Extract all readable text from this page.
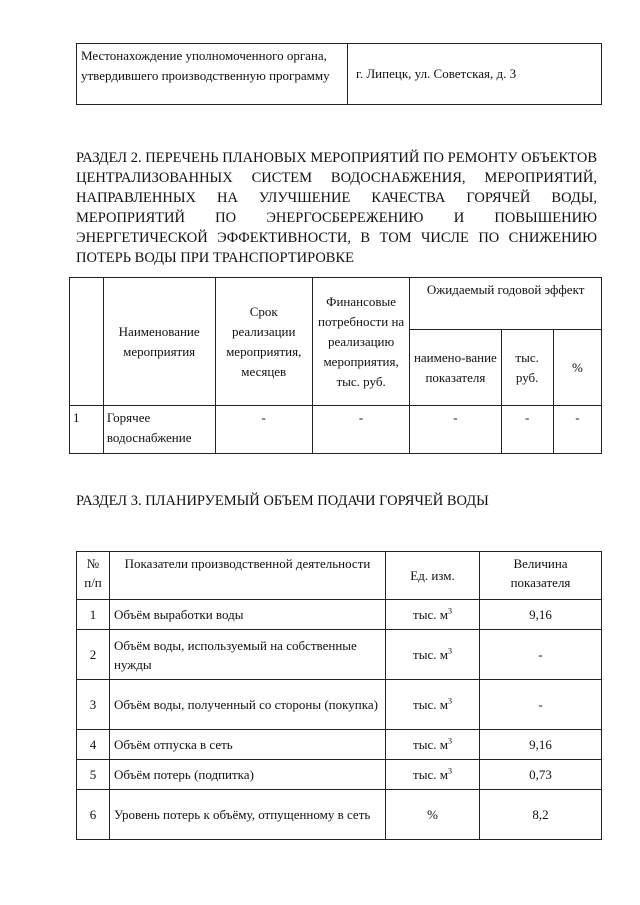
Местонахождение уполномоченного органа, утвердившего производственную программу	г. Липецк, ул. Советская, д. 3

РАЗДЕЛ 2. ПЕРЕЧЕНЬ ПЛАНОВЫХ МЕРОПРИЯТИЙ ПО РЕМОНТУ ОБЪЕКТОВ ЦЕНТРАЛИЗОВАННЫХ СИСТЕМ ВОДОСНАБЖЕНИЯ, МЕРОПРИЯТИЙ, НАПРАВЛЕННЫХ НА УЛУЧШЕНИЕ КАЧЕСТВА ГОРЯЧЕЙ ВОДЫ, МЕРОПРИЯТИЙ ПО ЭНЕРГОСБЕРЕЖЕНИЮ И ПОВЫШЕНИЮ ЭНЕРГЕТИЧЕСКОЙ ЭФФЕКТИВНОСТИ, В ТОМ ЧИСЛЕ ПО СНИЖЕНИЮ ПОТЕРЬ ВОДЫ ПРИ ТРАНСПОРТИРОВКЕ

	Наименование мероприятия	Срок реализации мероприятия, месяцев	Финансовые потребности на реализацию мероприятия, тыс. руб.	Ожидаемый годовой эффект		
				наимено-вание показателя	тыс. руб.	%
1	Горячее водоснабжение	-	-	-	-	-

РАЗДЕЛ 3. ПЛАНИРУЕМЫЙ ОБЪЕМ ПОДАЧИ ГОРЯЧЕЙ ВОДЫ

№ п/п	Показатели производственной деятельности	Ед. изм.	Величина показателя
1	Объём выработки воды	тыс. $м^3$	9,16
2	Объём воды, используемый на собственные нужды	тыс. $м^3$	-
3	Объём воды, полученный со стороны (покупка)	тыс. $м^3$	-
4	Объём отпуска в сеть	тыс. $м^3$	9,16
5	Объём потерь (подпитка)	тыс. $м^3$	0,73
6	Уровень потерь к объёму, отпущенному в сеть	%	8,2
